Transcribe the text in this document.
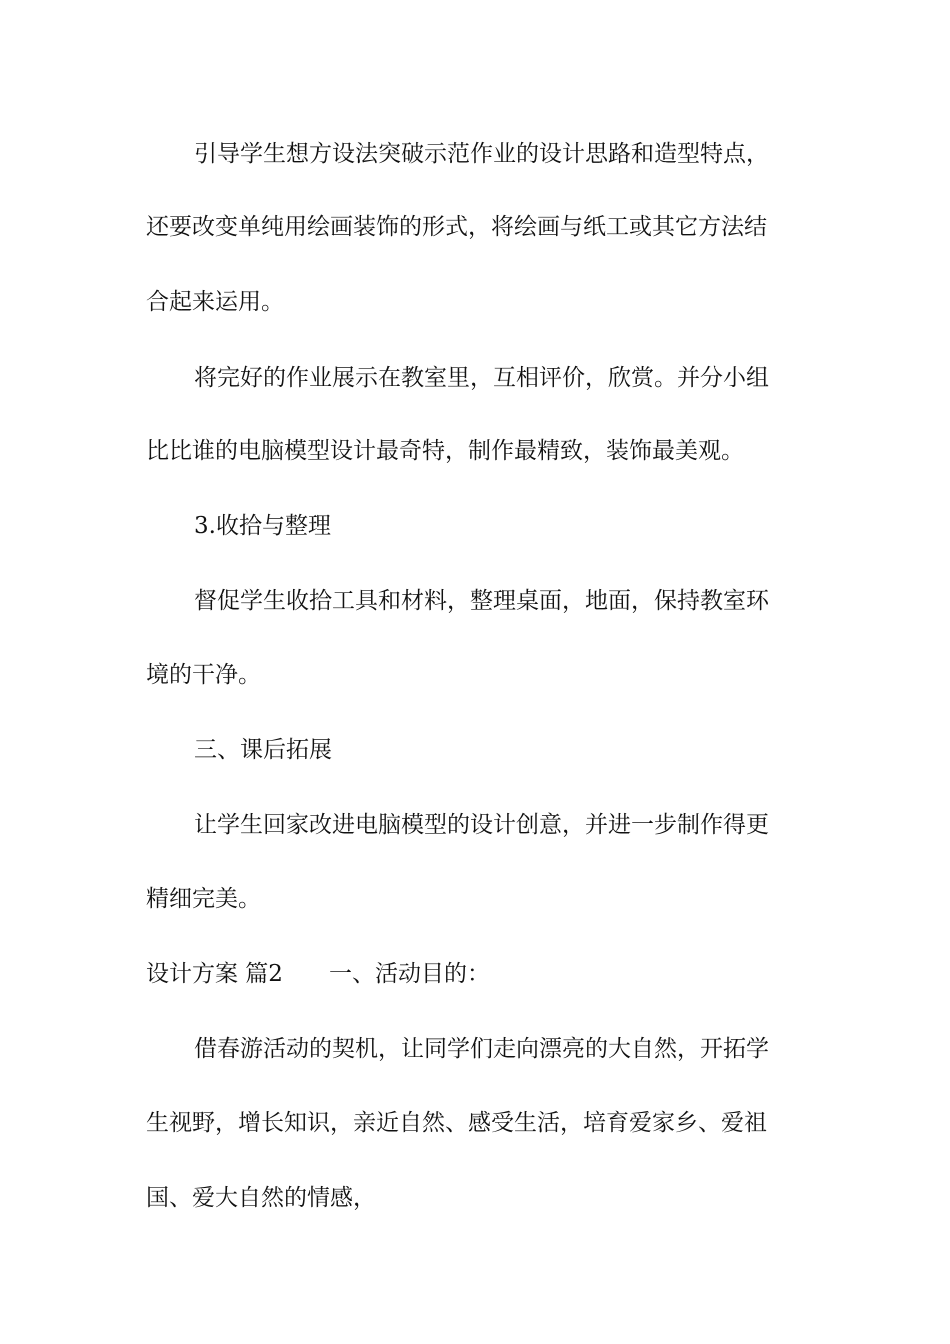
引导学生想方设法突破示范作业的设计思路和造型特点，
还要改变单纯用绘画装饰的形式，将绘画与纸工或其它方法结
合起来运用。
将完好的作业展示在教室里，互相评价，欣赏。并分小组
比比谁的电脑模型设计最奇特，制作最精致，装饰最美观。
3.收拾与整理
督促学生收拾工具和材料，整理桌面，地面，保持教室环
境的干净。
三、课后拓展
让学生回家改进电脑模型的设计创意，并进一步制作得更
精细完美。
设计方案 篇2 一、活动目的：
借春游活动的契机，让同学们走向漂亮的大自然，开拓学
生视野，增长知识，亲近自然、感受生活，培育爱家乡、爱祖
国、爱大自然的情感，
